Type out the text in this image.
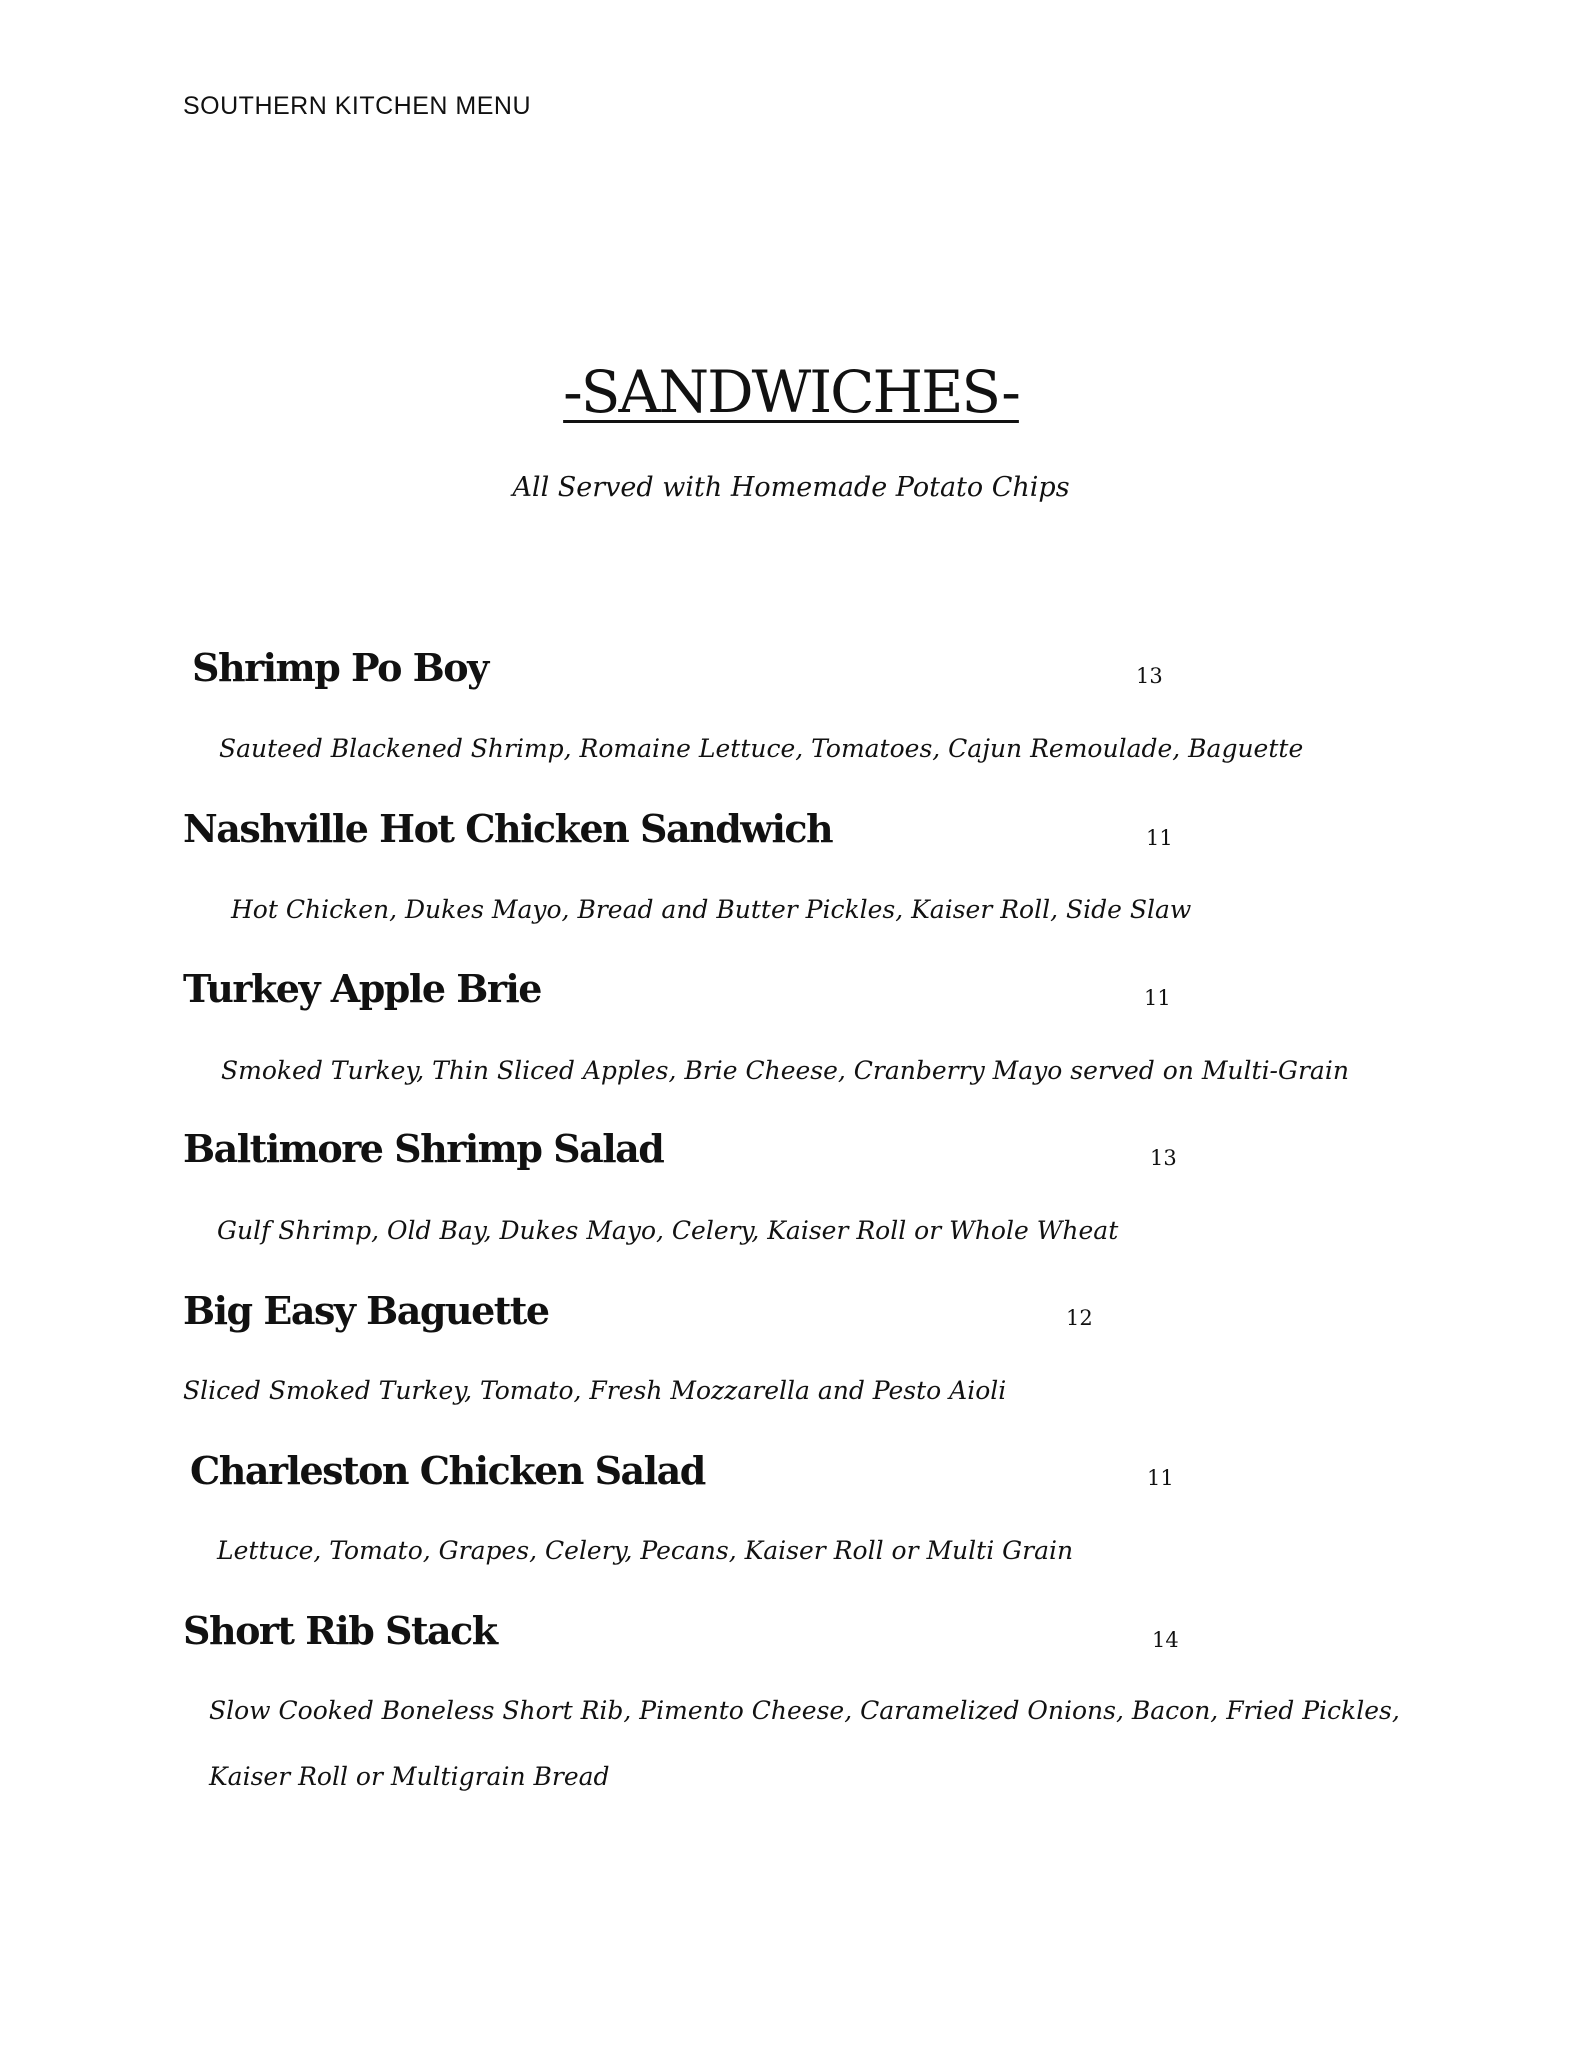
SOUTHERN KITCHEN MENU
-SANDWICHES-
All Served with Homemade Potato Chips
Shrimp Po Boy	13
Sauteed Blackened Shrimp, Romaine Lettuce, Tomatoes, Cajun Remoulade, Baguette
Nashville Hot Chicken Sandwich	11
Hot Chicken, Dukes Mayo, Bread and Butter Pickles, Kaiser Roll, Side Slaw
Turkey Apple Brie	11
Smoked Turkey, Thin Sliced Apples, Brie Cheese, Cranberry Mayo served on Multi-Grain
Baltimore Shrimp Salad	13
Gulf Shrimp, Old Bay, Dukes Mayo, Celery, Kaiser Roll or Whole Wheat
Big Easy Baguette	12
Sliced Smoked Turkey, Tomato, Fresh Mozzarella and Pesto Aioli
Charleston Chicken Salad	11
Lettuce, Tomato, Grapes, Celery, Pecans, Kaiser Roll or Multi Grain
Short Rib Stack	14
Slow Cooked Boneless Short Rib, Pimento Cheese, Caramelized Onions, Bacon, Fried Pickles, Kaiser Roll or Multigrain Bread
